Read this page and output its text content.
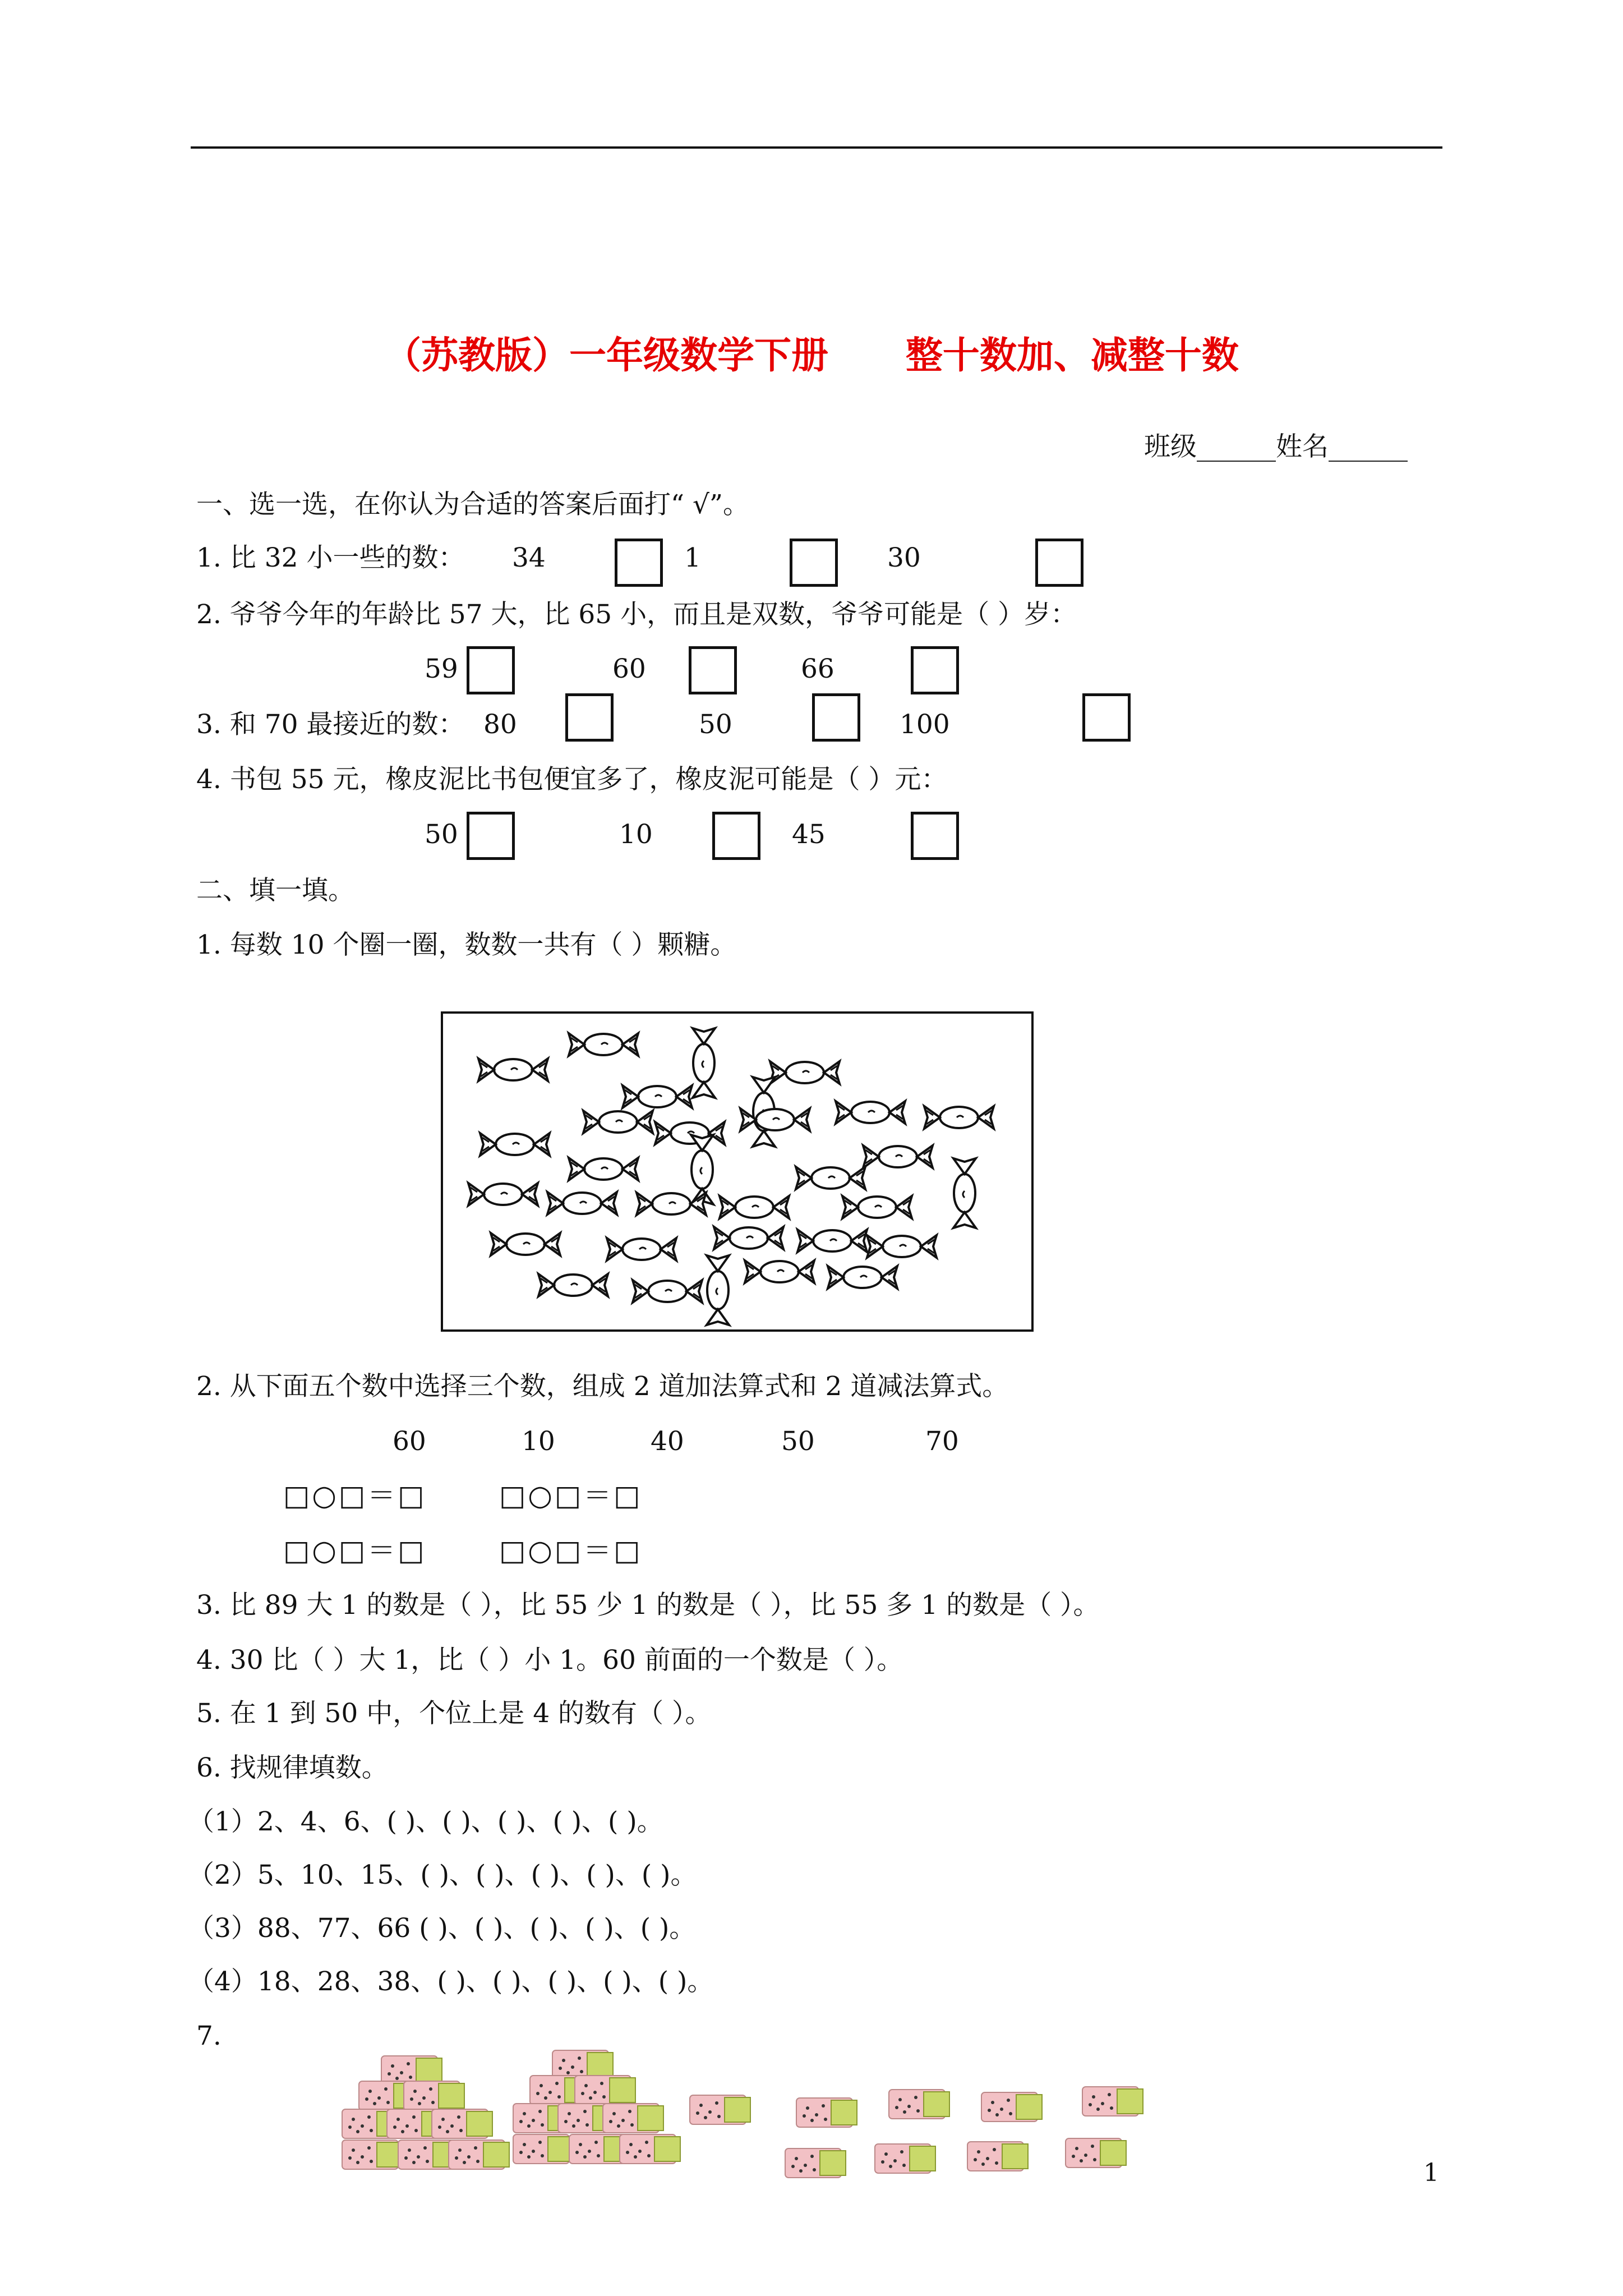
（苏教版）一年级数学下册      整十数加、减整十数
班级______姓名______
一、选一选，在你认为合适的答案后面打“ √”。
1. 比 32 小一些的数： 34	1	30
2. 爷爷今年的年龄比 57 大，比 65 小，而且是双数，爷爷可能是（ ）岁：
59	60	66
3. 和 70 最接近的数： 80	50	100
4. 书包 55 元，橡皮泥比书包便宜多了，橡皮泥可能是（ ）元：
50	10	45
二、填一填。
1. 每数 10 个圈一圈，数数一共有（ ）颗糖。
2. 从下面五个数中选择三个数，组成 2 道加法算式和 2 道减法算式。
60	10	40	50	70
□○□＝□	□○□＝□
□○□＝□	□○□＝□
3. 比 89 大 1 的数是（ ），比 55 少 1 的数是（ ），比 55 多 1 的数是（ ）。
4. 30 比（ ）大 1，比（ ）小 1。60 前面的一个数是（ ）。
5. 在 1 到 50 中，个位上是 4 的数有（ ）。
6. 找规律填数。
（1）2、4、6、( )、( )、( )、( )、( )。
（2）5、10、15、( )、( )、( )、( )、( )。
（3）88、77、66 ( )、( )、( )、( )、( )。
（4）18、28、38、( )、( )、( )、( )、( )。
7.
1
